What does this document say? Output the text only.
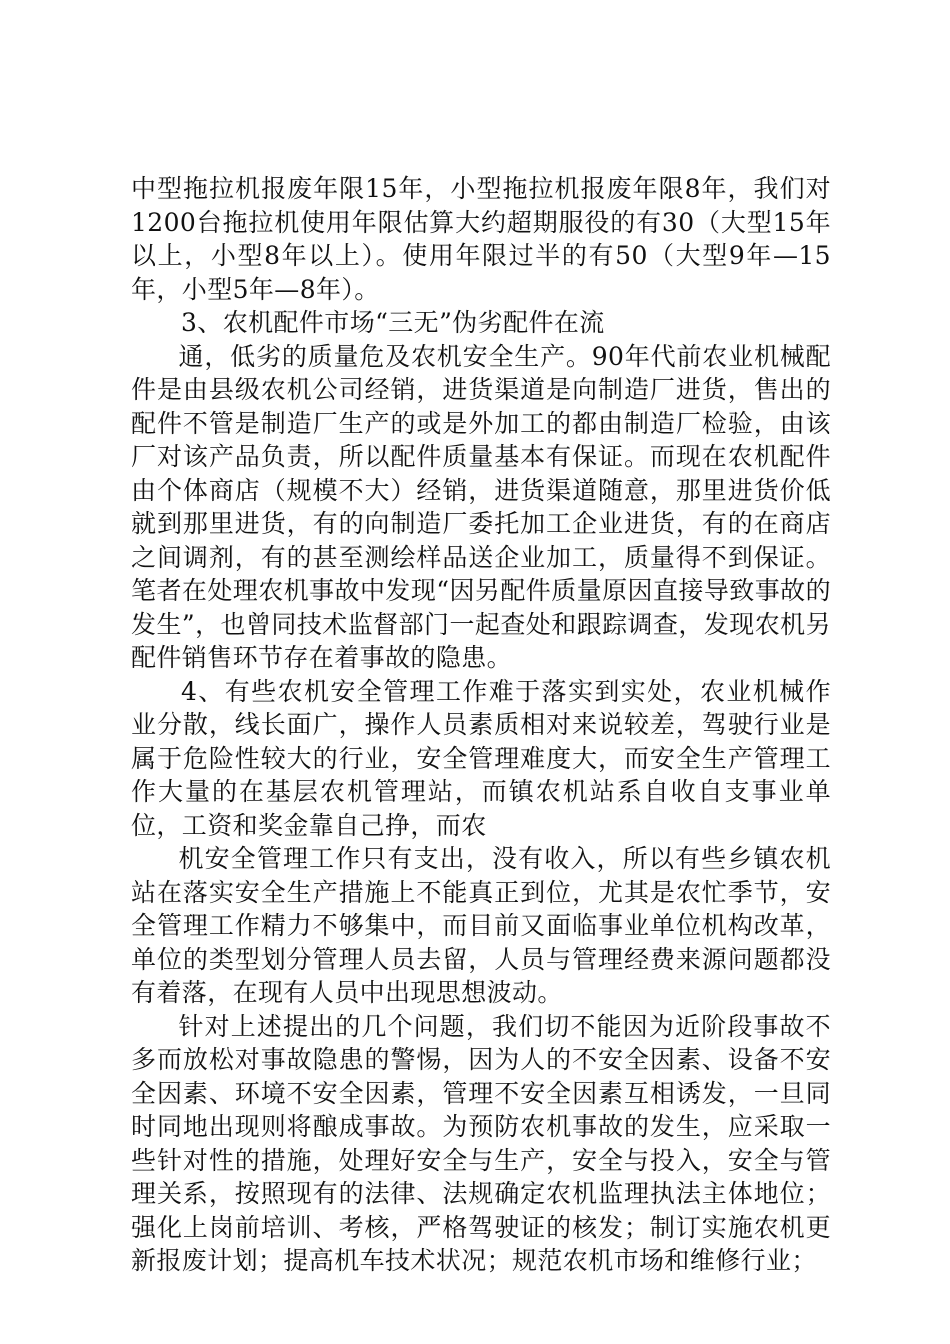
中型拖拉机报废年限15年，小型拖拉机报废年限8年，我们对1200台拖拉机使用年限估算大约超期服役的有30（大型15年以上，小型8年以上）。使用年限过半的有50（大型9年—15年，小型5年—8年）。

3、农机配件市场“三无”伪劣配件在流

通，低劣的质量危及农机安全生产。90年代前农业机械配件是由县级农机公司经销，进货渠道是向制造厂进货，售出的配件不管是制造厂生产的或是外加工的都由制造厂检验，由该厂对该产品负责，所以配件质量基本有保证。而现在农机配件由个体商店（规模不大）经销，进货渠道随意，那里进货价低就到那里进货，有的向制造厂委托加工企业进货，有的在商店之间调剂，有的甚至测绘样品送企业加工，质量得不到保证。笔者在处理农机事故中发现“因另配件质量原因直接导致事故的发生”，也曾同技术监督部门一起查处和跟踪调查，发现农机另配件销售环节存在着事故的隐患。

4、有些农机安全管理工作难于落实到实处，农业机械作业分散，线长面广，操作人员素质相对来说较差，驾驶行业是属于危险性较大的行业，安全管理难度大，而安全生产管理工作大量的在基层农机管理站，而镇农机站系自收自支事业单位，工资和奖金靠自己挣，而农

机安全管理工作只有支出，没有收入，所以有些乡镇农机站在落实安全生产措施上不能真正到位，尤其是农忙季节，安全管理工作精力不够集中，而目前又面临事业单位机构改革，单位的类型划分管理人员去留，人员与管理经费来源问题都没有着落，在现有人员中出现思想波动。

针对上述提出的几个问题，我们切不能因为近阶段事故不多而放松对事故隐患的警惕，因为人的不安全因素、设备不安全因素、环境不安全因素，管理不安全因素互相诱发，一旦同时同地出现则将酿成事故。为预防农机事故的发生，应采取一些针对性的措施，处理好安全与生产，安全与投入，安全与管理关系，按照现有的法律、法规确定农机监理执法主体地位；强化上岗前培训、考核，严格驾驶证的核发；制订实施农机更新报废计划；提高机车技术状况；规范农机市场和维修行业；
